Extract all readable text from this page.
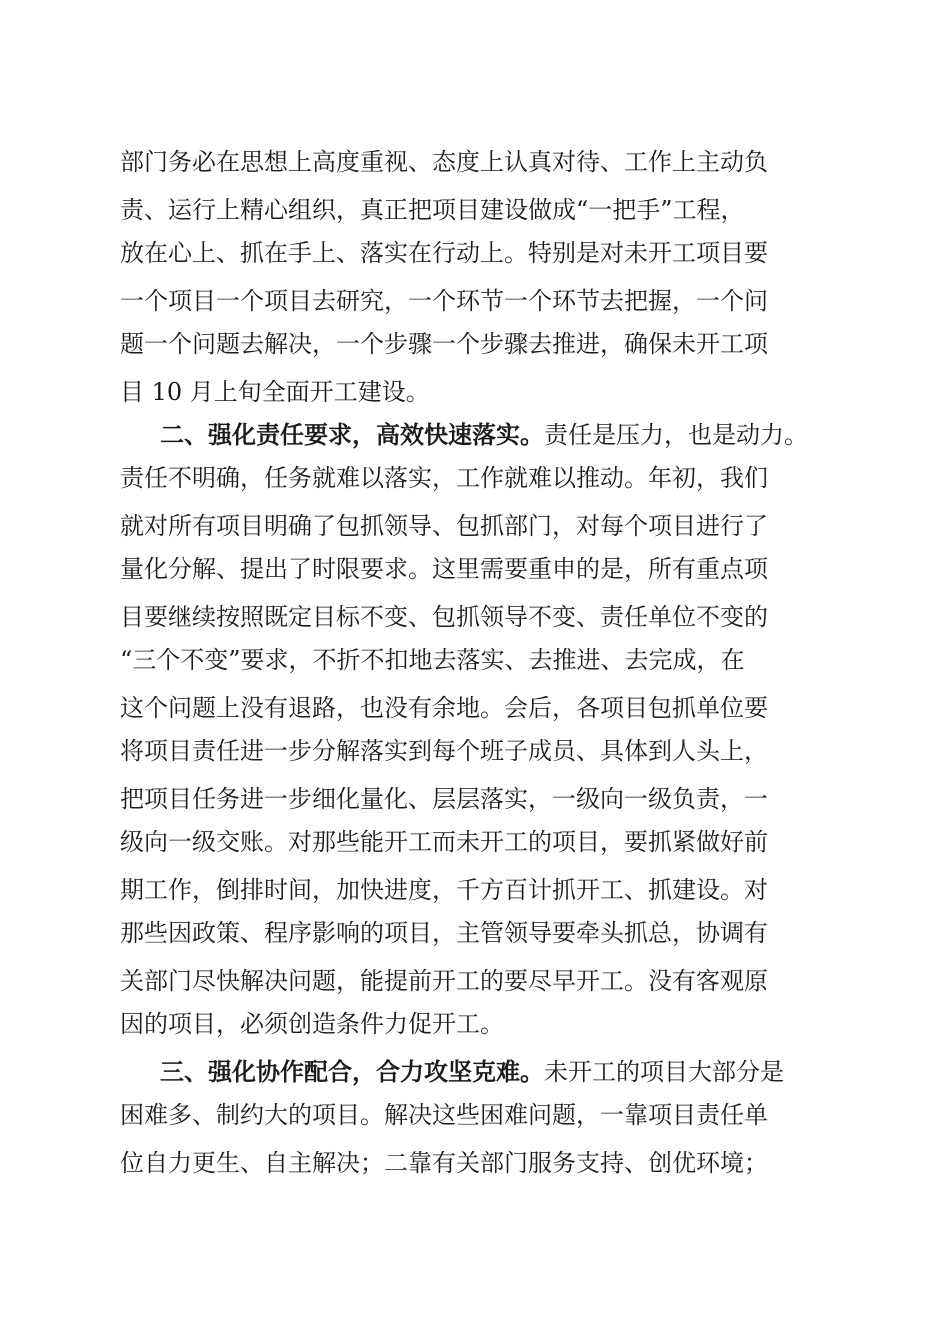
部门务必在思想上高度重视、态度上认真对待、工作上主动负
责、运行上精心组织，真正把项目建设做成“一把手”工程，
放在心上、抓在手上、落实在行动上。特别是对未开工项目要
一个项目一个项目去研究，一个环节一个环节去把握，一个问
题一个问题去解决，一个步骤一个步骤去推进，确保未开工项
目 10 月上旬全面开工建设。
二、强化责任要求，高效快速落实。责任是压力，也是动力。
责任不明确，任务就难以落实，工作就难以推动。年初，我们
就对所有项目明确了包抓领导、包抓部门，对每个项目进行了
量化分解、提出了时限要求。这里需要重申的是，所有重点项
目要继续按照既定目标不变、包抓领导不变、责任单位不变的
“三个不变”要求，不折不扣地去落实、去推进、去完成，在
这个问题上没有退路，也没有余地。会后，各项目包抓单位要
将项目责任进一步分解落实到每个班子成员、具体到人头上，
把项目任务进一步细化量化、层层落实，一级向一级负责，一
级向一级交账。对那些能开工而未开工的项目，要抓紧做好前
期工作，倒排时间，加快进度，千方百计抓开工、抓建设。对
那些因政策、程序影响的项目，主管领导要牵头抓总，协调有
关部门尽快解决问题，能提前开工的要尽早开工。没有客观原
因的项目，必须创造条件力促开工。
三、强化协作配合，合力攻坚克难。未开工的项目大部分是
困难多、制约大的项目。解决这些困难问题，一靠项目责任单
位自力更生、自主解决；二靠有关部门服务支持、创优环境；
